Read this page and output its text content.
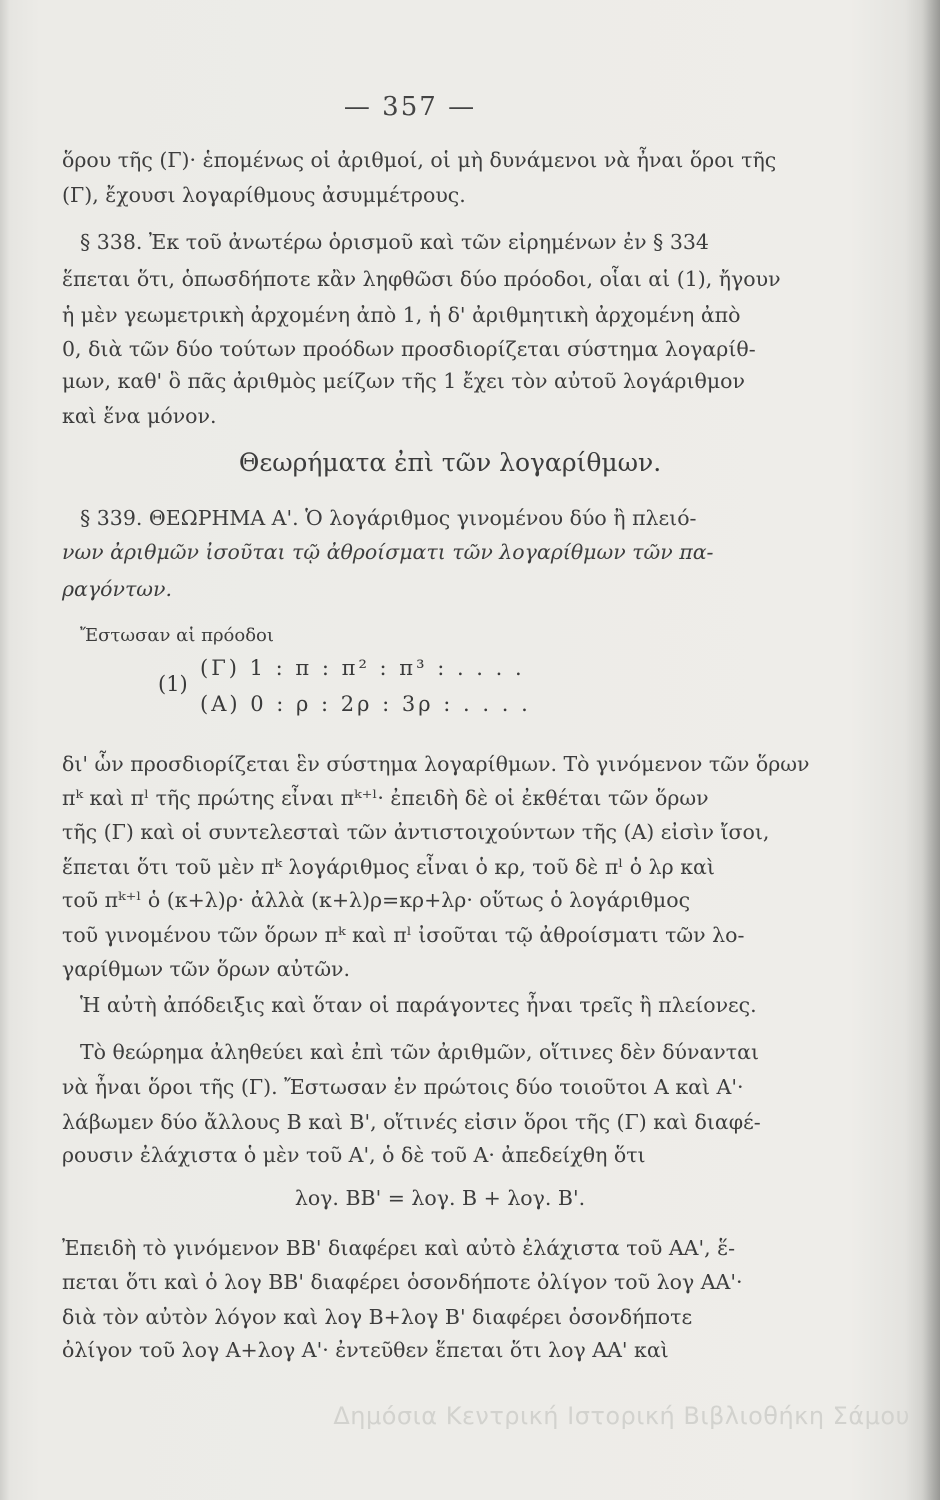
— 357 —
ὅρου τῆς (Γ)· ἑπομένως οἱ ἀριθμοί, οἱ μὴ δυνάμενοι νὰ ἦναι ὅροι τῆς
(Γ), ἔχουσι λογαρίθμους ἀσυμμέτρους.
§ 338. Ἐκ τοῦ ἀνωτέρω ὁρισμοῦ καὶ τῶν εἰρημένων ἐν § 334
ἕπεται ὅτι, ὁπωσδήποτε κἂν ληφθῶσι δύο πρόοδοι, οἷαι αἱ (1), ἤγουν
ἡ μὲν γεωμετρικὴ ἀρχομένη ἀπὸ 1, ἡ δ' ἀριθμητικὴ ἀρχομένη ἀπὸ
0, διὰ τῶν δύο τούτων προόδων προσδιορίζεται σύστημα λογαρίθ-
μων, καθ' ὃ πᾶς ἀριθμὸς μείζων τῆς 1 ἔχει τὸν αὐτοῦ λογάριθμον
καὶ ἕνα μόνον.
Θεωρήματα ἐπὶ τῶν λογαρίθμων.
§ 339. ΘΕΩΡΗΜΑ Α'. Ὁ λογάριθμος γινομένου δύο ἢ πλειό-
νων ἀριθμῶν ἰσοῦται τῷ ἀθροίσματι τῶν λογαρίθμων τῶν πα-
ραγόντων.
Ἔστωσαν αἱ πρόοδοι
(1)
(Γ) 1 : π : π² : π³ : . . . .
(Α) 0 : ρ : 2ρ : 3ρ : . . . .
δι' ὧν προσδιορίζεται ἓν σύστημα λογαρίθμων. Τὸ γινόμενον τῶν ὅρων
πᵏ καὶ πˡ τῆς πρώτης εἶναι πᵏ⁺ˡ· ἐπειδὴ δὲ οἱ ἐκθέται τῶν ὅρων
τῆς (Γ) καὶ οἱ συντελεσταὶ τῶν ἀντιστοιχούντων τῆς (Α) εἰσὶν ἴσοι,
ἕπεται ὅτι τοῦ μὲν πᵏ λογάριθμος εἶναι ὁ κρ, τοῦ δὲ πˡ ὁ λρ καὶ
τοῦ πᵏ⁺ˡ ὁ (κ+λ)ρ· ἀλλὰ (κ+λ)ρ=κρ+λρ· οὕτως ὁ λογάριθμος
τοῦ γινομένου τῶν ὅρων πᵏ καὶ πˡ ἰσοῦται τῷ ἀθροίσματι τῶν λο-
γαρίθμων τῶν ὅρων αὐτῶν.
Ἡ αὐτὴ ἀπόδειξις καὶ ὅταν οἱ παράγοντες ἦναι τρεῖς ἢ πλείονες.
Τὸ θεώρημα ἀληθεύει καὶ ἐπὶ τῶν ἀριθμῶν, οἵτινες δὲν δύνανται
νὰ ἦναι ὅροι τῆς (Γ). Ἔστωσαν ἐν πρώτοις δύο τοιοῦτοι Α καὶ Α'·
λάβωμεν δύο ἄλλους Β καὶ Β', οἵτινές εἰσιν ὅροι τῆς (Γ) καὶ διαφέ-
ρουσιν ἐλάχιστα ὁ μὲν τοῦ Α', ὁ δὲ τοῦ Α· ἀπεδείχθη ὅτι
λογ. ΒΒ' = λογ. Β + λογ. Β'.
Ἐπειδὴ τὸ γινόμενον ΒΒ' διαφέρει καὶ αὐτὸ ἐλάχιστα τοῦ ΑΑ', ἕ-
πεται ὅτι καὶ ὁ λογ ΒΒ' διαφέρει ὁσονδήποτε ὀλίγον τοῦ λογ ΑΑ'·
διὰ τὸν αὐτὸν λόγον καὶ λογ Β+λογ Β' διαφέρει ὁσονδήποτε
ὀλίγον τοῦ λογ Α+λογ Α'· ἐντεῦθεν ἕπεται ὅτι λογ ΑΑ' καὶ
Δημόσια Κεντρική Ιστορική Βιβλιοθήκη Σάμου
